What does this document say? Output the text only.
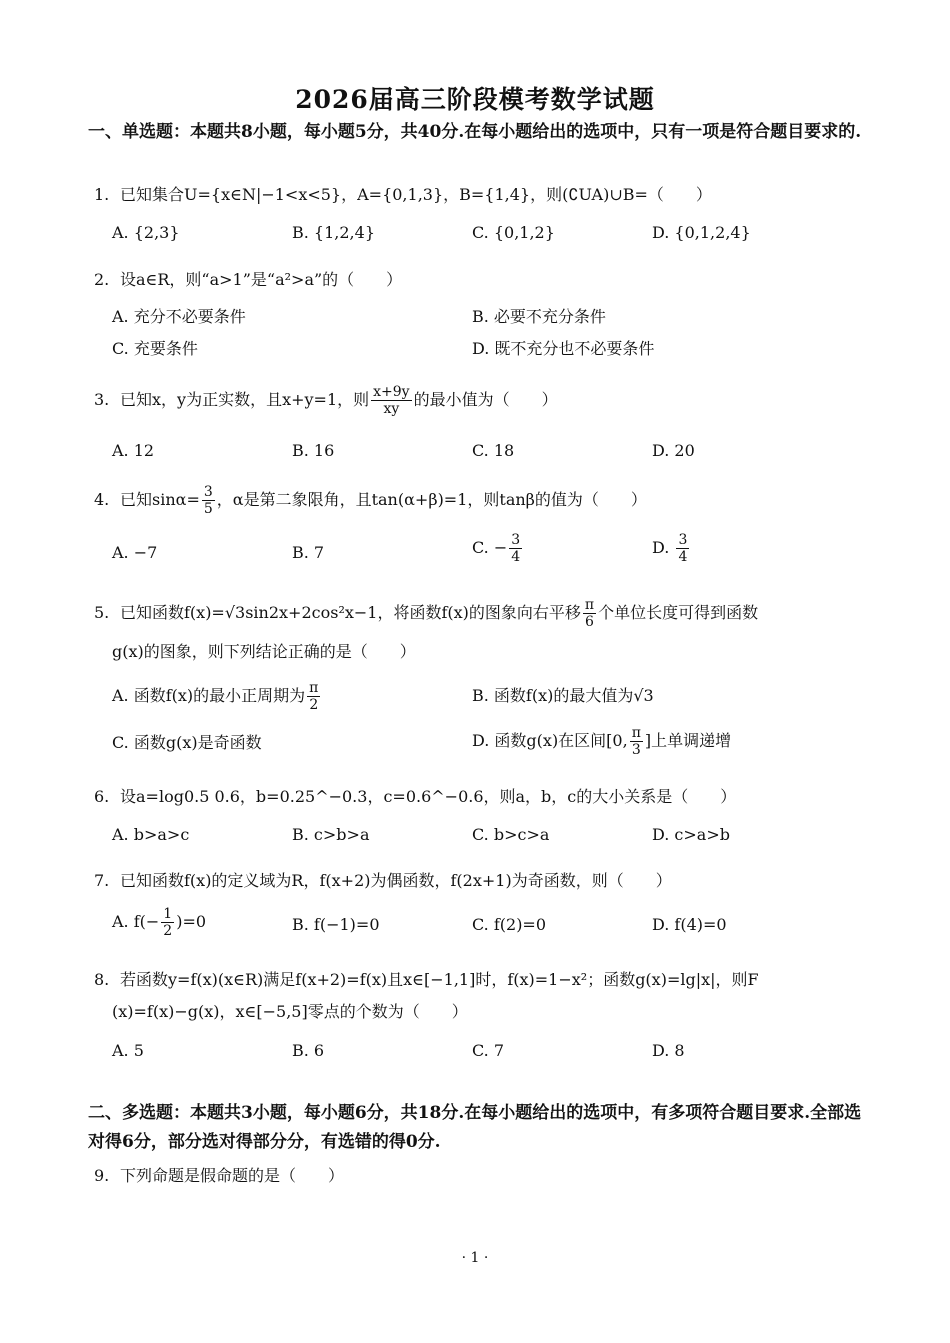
2026届高三阶段模考数学试题
一、单选题：本题共8小题，每小题5分，共40分.在每小题给出的选项中，只有一项是符合题目要求的.
1. 已知集合U={x∈N|−1<x<5}，A={0,1,3}，B={1,4}，则(∁UA)∪B=（　　）
A. {2,3}	B. {1,2,4}	C. {0,1,2}	D. {0,1,2,4}
2. 设a∈R，则“a>1”是“a²>a”的（　　）
A. 充分不必要条件	B. 必要不充分条件
C. 充要条件	D. 既不充分也不必要条件
3. 已知x，y为正实数，且x+y=1，则 $\frac{x+9y}{xy}$ 的最小值为（　　）
A. 12	B. 16	C. 18	D. 20
4. 已知$\sin\alpha= \frac{3}{5}$ ，α是第二象限角，且tan(α+β)=1，则tanβ的值为（　　）
A. −7	B. 7	C. − $\frac{3}{4}$	D. $\frac{3}{4}$
5. 已知函数f(x)=√3sin2x+2cos²x−1，将函数f(x)的图象向右平移 $\frac{\pi}{6}$ 个单位长度可得到函数
g(x)的图象，则下列结论正确的是（　　）
A. 函数f(x)的最小正周期为 $\frac{\pi}{2}$	B. 函数f(x)的最大值为√3
C. 函数g(x)是奇函数	D. 函数g(x)在区间[0, $\frac{\pi}{3}$ ]上单调递增
6. 设a=log0.5 0.6，b=0.25^−0.3，c=0.6^−0.6，则a，b，c的大小关系是（　　）
A. b>a>c	B. c>b>a	C. b>c>a	D. c>a>b
7. 已知函数f(x)的定义域为R，f(x+2)为偶函数，f(2x+1)为奇函数，则（　　）
A. $f(- \frac{1}{2} )=0$	B. f(−1)=0	C. f(2)=0	D. f(4)=0
8. 若函数y=f(x)(x∈R)满足f(x+2)=f(x)且x∈[−1,1]时，f(x)=1−x²；函数g(x)=lg|x|，则F
(x)=f(x)−g(x)，x∈[−5,5]零点的个数为（　　）
A. 5	B. 6	C. 7	D. 8
二、多选题：本题共3小题，每小题6分，共18分.在每小题给出的选项中，有多项符合题目要求.全部选对得6分，部分选对得部分分，有选错的得0分.
9. 下列命题是假命题的是（　　）
· 1 ·
